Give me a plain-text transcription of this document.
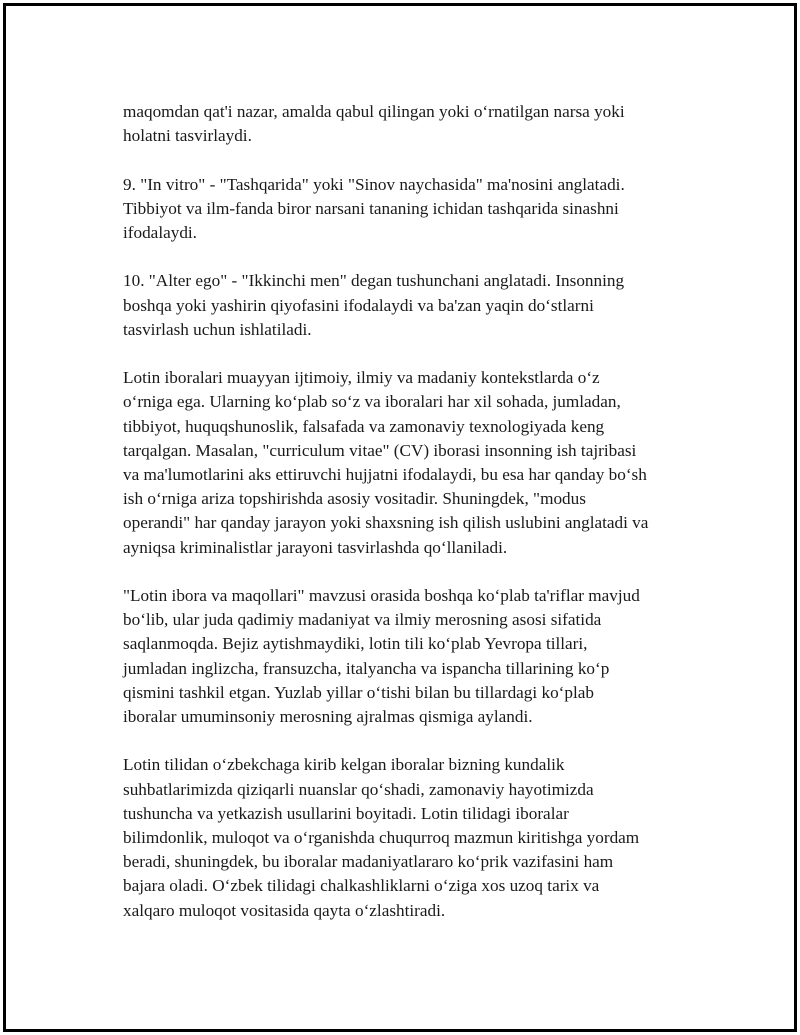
maqomdan qat'i nazar, amalda qabul qilingan yoki o‘rnatilgan narsa yoki
holatni tasvirlaydi.

9. "In vitro" - "Tashqarida" yoki "Sinov naychasida" ma'nosini anglatadi.
Tibbiyot va ilm-fanda biror narsani tananing ichidan tashqarida sinashni
ifodalaydi.

10. "Alter ego" - "Ikkinchi men" degan tushunchani anglatadi. Insonning
boshqa yoki yashirin qiyofasini ifodalaydi va ba'zan yaqin do‘stlarni
tasvirlash uchun ishlatiladi.

Lotin iboralari muayyan ijtimoiy, ilmiy va madaniy kontekstlarda o‘z
o‘rniga ega. Ularning ko‘plab so‘z va iboralari har xil sohada, jumladan,
tibbiyot, huquqshunoslik, falsafada va zamonaviy texnologiyada keng
tarqalgan. Masalan, "curriculum vitae" (CV) iborasi insonning ish tajribasi
va ma'lumotlarini aks ettiruvchi hujjatni ifodalaydi, bu esa har qanday bo‘sh
ish o‘rniga ariza topshirishda asosiy vositadir. Shuningdek, "modus
operandi" har qanday jarayon yoki shaxsning ish qilish uslubini anglatadi va
ayniqsa kriminalistlar jarayoni tasvirlashda qo‘llaniladi.

"Lotin ibora va maqollari" mavzusi orasida boshqa ko‘plab ta'riflar mavjud
bo‘lib, ular juda qadimiy madaniyat va ilmiy merosning asosi sifatida
saqlanmoqda. Bejiz aytishmaydiki, lotin tili ko‘plab Yevropa tillari,
jumladan inglizcha, fransuzcha, italyancha va ispancha tillarining ko‘p
qismini tashkil etgan. Yuzlab yillar o‘tishi bilan bu tillardagi ko‘plab
iboralar umuminsoniy merosning ajralmas qismiga aylandi.

Lotin tilidan o‘zbekchaga kirib kelgan iboralar bizning kundalik
suhbatlarimizda qiziqarli nuanslar qo‘shadi, zamonaviy hayotimizda
tushuncha va yetkazish usullarini boyitadi. Lotin tilidagi iboralar
bilimdonlik, muloqot va o‘rganishda chuqurroq mazmun kiritishga yordam
beradi, shuningdek, bu iboralar madaniyatlararo ko‘prik vazifasini ham
bajara oladi. O‘zbek tilidagi chalkashliklarni o‘ziga xos uzoq tarix va
xalqaro muloqot vositasida qayta o‘zlashtiradi.
